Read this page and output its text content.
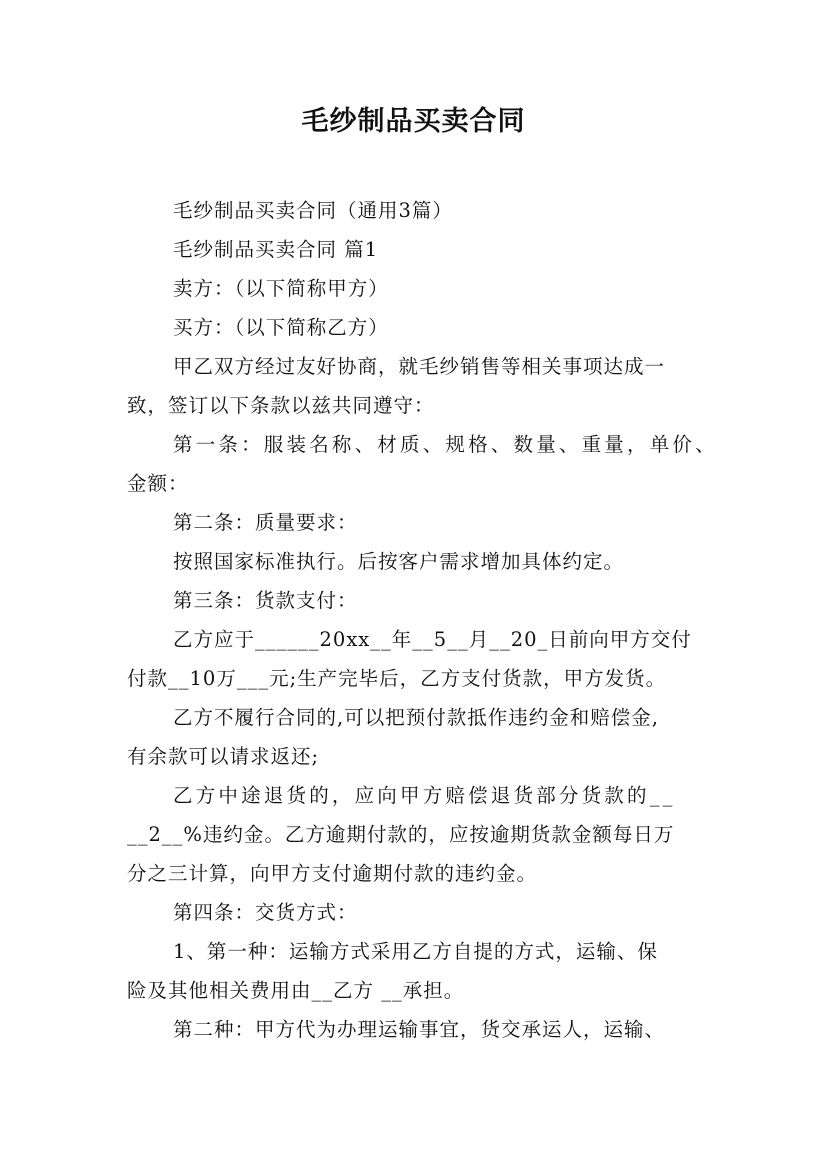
毛纱制品买卖合同

毛纱制品买卖合同（通用3篇）

毛纱制品买卖合同 篇1

卖方：（以下简称甲方）

买方：（以下简称乙方）

甲乙双方经过友好协商，就毛纱销售等相关事项达成一

致，签订以下条款以兹共同遵守：

第一条：服装名称、材质、规格、数量、重量，单价、

金额：

第二条：质量要求：

按照国家标准执行。后按客户需求增加具体约定。

第三条：货款支付：

乙方应于______20xx__年__5__月__20_日前向甲方交付

付款__10万___元;生产完毕后，乙方支付货款，甲方发货。

乙方不履行合同的,可以把预付款抵作违约金和赔偿金,

有余款可以请求返还;

乙方中途退货的，应向甲方赔偿退货部分货款的__

__2__%违约金。乙方逾期付款的，应按逾期货款金额每日万

分之三计算，向甲方支付逾期付款的违约金。

第四条：交货方式：

1、第一种：运输方式采用乙方自提的方式，运输、保

险及其他相关费用由__乙方 __承担。

第二种：甲方代为办理运输事宜，货交承运人，运输、
